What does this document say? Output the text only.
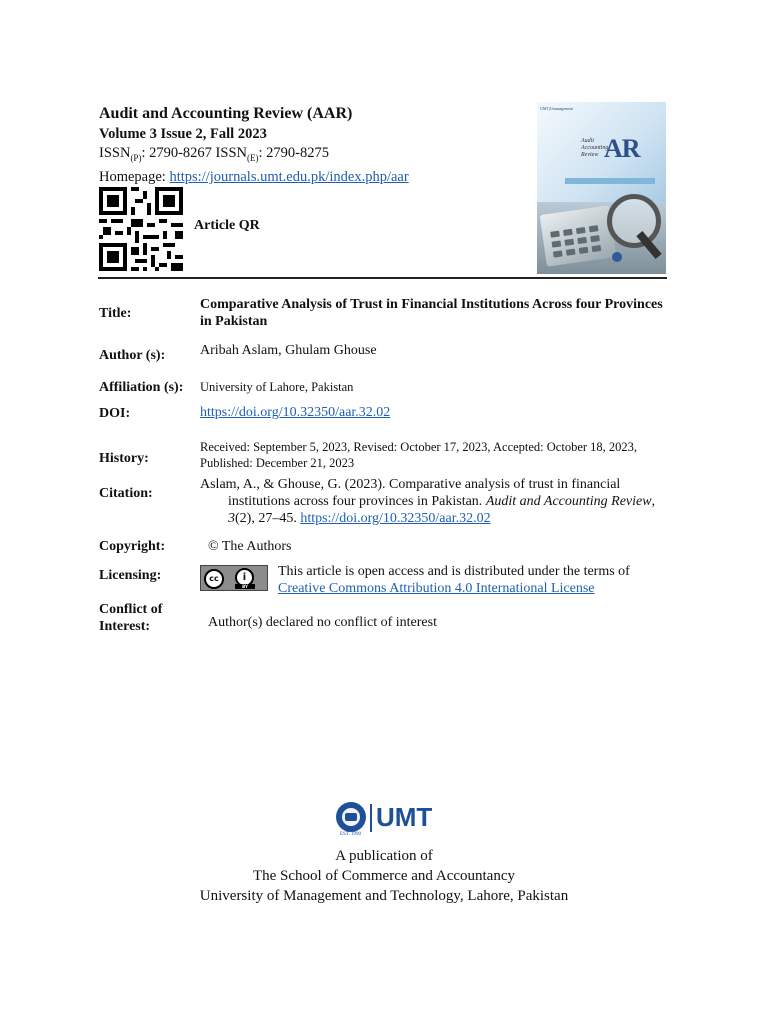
Audit and Accounting Review (AAR)
Volume 3 Issue 2, Fall 2023
$ISSN_{(P)}$: 2790-8267 $ISSN_{(E)}$: 2790-8275
Homepage: https://journals.umt.edu.pk/index.php/aar
Article QR
UMT|Umanagement
Audit
Accounting
Review AR
Title:
Comparative Analysis of Trust in Financial Institutions Across four Provinces in Pakistan
Author (s): Aribah Aslam, Ghulam Ghouse
Affiliation (s): University of Lahore, Pakistan
DOI:	https://doi.org/10.32350/aar.32.02
History:
Received: September 5, 2023, Revised: October 17, 2023, Accepted: October 18, 2023, Published: December 21, 2023
Citation:
Aslam, A., & Ghouse, G. (2023). Comparative analysis of trust in financial
institutions across four provinces in Pakistan. Audit and Accounting Review,
3(2), 27–45. https://doi.org/10.32350/aar.32.02
Copyright:	© The Authors
Licensing:	cc	i
BY
This article is open access and is distributed under the terms of
Creative Commons Attribution 4.0 International License
Conflict of
Interest:	Author(s) declared no conflict of interest
UMT
EST. 1990
A publication of
The School of Commerce and Accountancy
University of Management and Technology, Lahore, Pakistan
